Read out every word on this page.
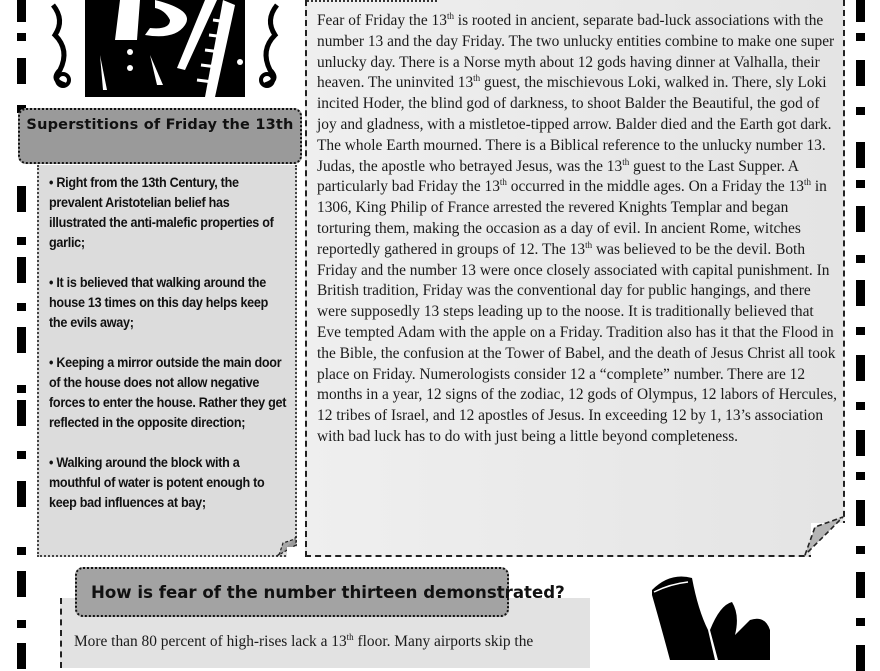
Superstitions of Friday the 13th
• Right from the 13th Century, the prevalent Aristotelian belief has illustrated the anti-malefic properties of garlic;
• It is believed that walking around the house 13 times on this day helps keep the evils away;
• Keeping a mirror outside the main door of the house does not allow negative forces to enter the house. Rather they get reflected in the opposite direction;
• Walking around the block with a mouthful of water is potent enough to keep bad influences at bay;

Fear of Friday the 13th is rooted in ancient, separate bad-luck associations with the number 13 and the day Friday. The two unlucky entities combine to make one super unlucky day. There is a Norse myth about 12 gods having dinner at Valhalla, their heaven. The uninvited 13th guest, the mischievous Loki, walked in. There, sly Loki incited Hoder, the blind god of darkness, to shoot Balder the Beautiful, the god of joy and gladness, with a mistletoe-tipped arrow. Balder died and the Earth got dark. The whole Earth mourned. There is a Biblical reference to the unlucky number 13. Judas, the apostle who betrayed Jesus, was the 13th guest to the Last Supper. A particularly bad Friday the 13th occurred in the middle ages. On a Friday the 13th in 1306, King Philip of France arrested the revered Knights Templar and began torturing them, making the occasion as a day of evil. In ancient Rome, witches reportedly gathered in groups of 12. The 13th was believed to be the devil. Both Friday and the number 13 were once closely associated with capital punishment. In British tradition, Friday was the conventional day for public hangings, and there were supposedly 13 steps leading up to the noose. It is traditionally believed that Eve tempted Adam with the apple on a Friday. Tradition also has it that the Flood in the Bible, the confusion at the Tower of Babel, and the death of Jesus Christ all took place on Friday. Numerologists consider 12 a “complete” number. There are 12 months in a year, 12 signs of the zodiac, 12 gods of Olympus, 12 labors of Hercules, 12 tribes of Israel, and 12 apostles of Jesus. In exceeding 12 by 1, 13’s association with bad luck has to do with just being a little beyond completeness.

More than 80 percent of high-rises lack a 13th floor. Many airports skip the

How is fear of the number thirteen demonstrated?
